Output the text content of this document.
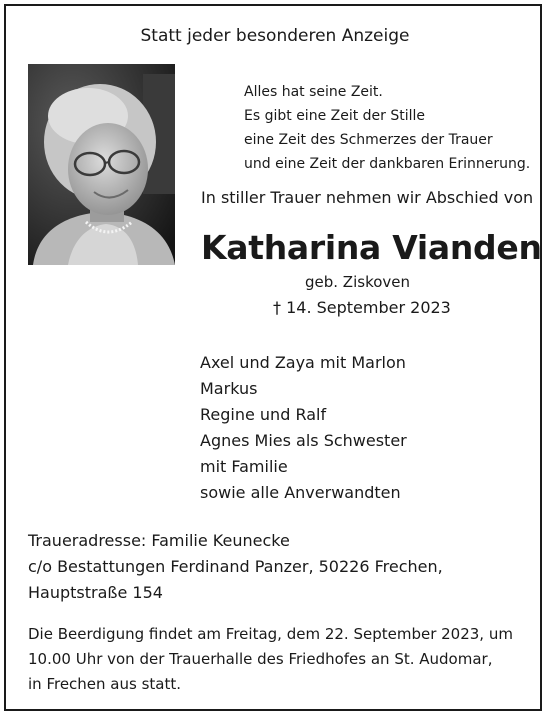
Statt jeder besonderen Anzeige
Alles hat seine Zeit.
Es gibt eine Zeit der Stille
eine Zeit des Schmerzes der Trauer
und eine Zeit der dankbaren Erinnerung.
In stiller Trauer nehmen wir Abschied von
Katharina Vianden
geb. Ziskoven
† 14. September 2023
Axel und Zaya mit Marlon
Markus
Regine und Ralf
Agnes Mies als Schwester
mit Familie
sowie alle Anverwandten
Traueradresse: Familie Keunecke
c/o Bestattungen Ferdinand Panzer, 50226 Frechen,
Hauptstraße 154
Die Beerdigung findet am Freitag, dem 22. September 2023, um
10.00 Uhr von der Trauerhalle des Friedhofes an St. Audomar,
in Frechen aus statt.
